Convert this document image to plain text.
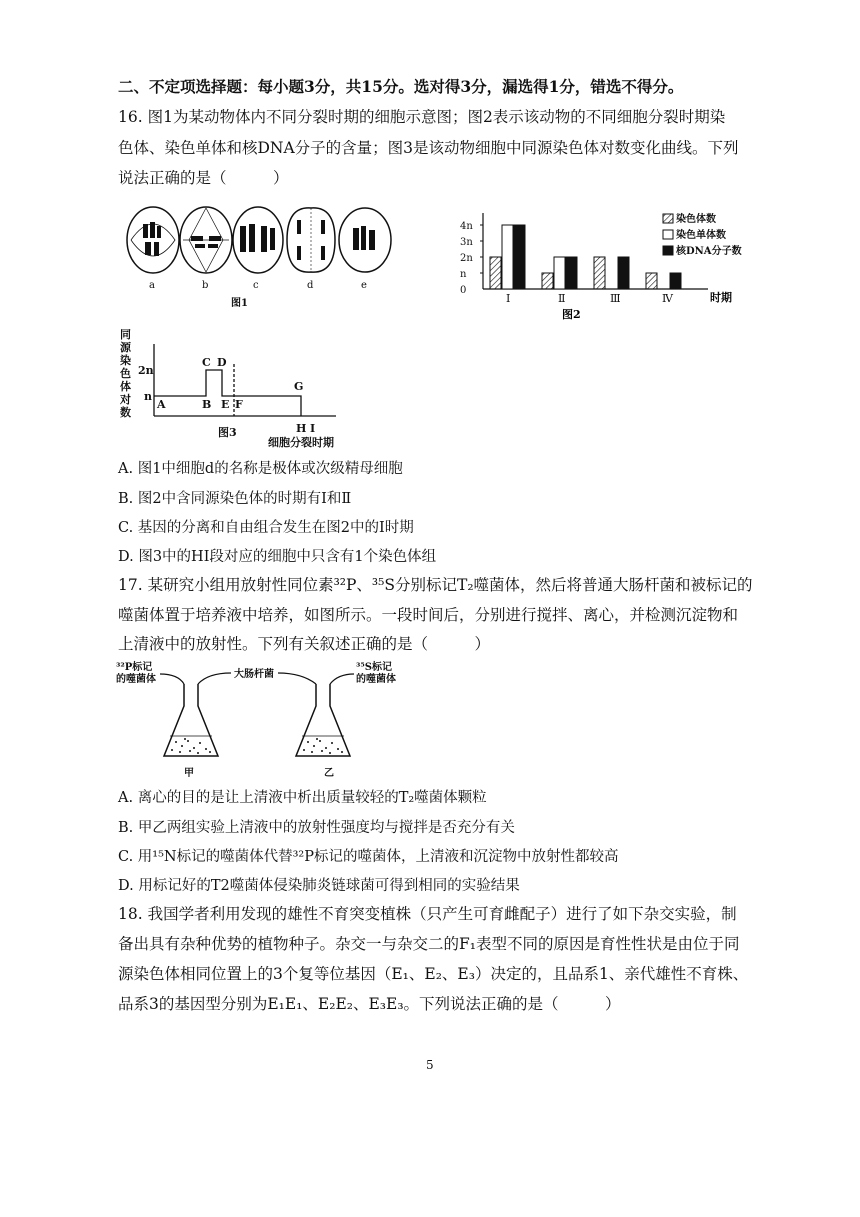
二、不定项选择题：每小题3分，共15分。选对得3分，漏选得1分，错选不得分。
16. 图1为某动物体内不同分裂时期的细胞示意图；图2表示该动物的不同细胞分裂时期染
色体、染色单体和核DNA分子的含量；图3是该动物细胞中同源染色体对数变化曲线。下列
说法正确的是（　　　）
a	b	c	d	e
图1
0
n
2n
3n
4n
Ⅰ	Ⅱ	Ⅲ	Ⅳ	时期
图2
染色体数
染色单体数
核DNA分子数
同
源
染
色
体
对
数
2n
n
A	B
C D
E F
G
H I
图3
细胞分裂时期
A. 图1中细胞d的名称是极体或次级精母细胞
B. 图2中含同源染色体的时期有Ⅰ和Ⅱ
C. 基因的分离和自由组合发生在图2中的Ⅰ时期
D. 图3中的HI段对应的细胞中只含有1个染色体组
17. 某研究小组用放射性同位素³²P、³⁵S分别标记T₂噬菌体，然后将普通大肠杆菌和被标记的
噬菌体置于培养液中培养，如图所示。一段时间后，分别进行搅拌、离心，并检测沉淀物和
上清液中的放射性。下列有关叙述正确的是（　　　）
³²P标记
的噬菌体	大肠杆菌
³⁵S标记
的噬菌体
甲	乙
A. 离心的目的是让上清液中析出质量较轻的T₂噬菌体颗粒
B. 甲乙两组实验上清液中的放射性强度均与搅拌是否充分有关
C. 用¹⁵N标记的噬菌体代替³²P标记的噬菌体，上清液和沉淀物中放射性都较高
D. 用标记好的T2噬菌体侵染肺炎链球菌可得到相同的实验结果
18. 我国学者利用发现的雄性不育突变植株（只产生可育雌配子）进行了如下杂交实验，制
备出具有杂种优势的植物种子。杂交一与杂交二的F₁表型不同的原因是育性性状是由位于同
源染色体相同位置上的3个复等位基因（E₁、E₂、E₃）决定的，且品系1、亲代雄性不育株、
品系3的基因型分别为E₁E₁、E₂E₂、E₃E₃。下列说法正确的是（　　　）
5
